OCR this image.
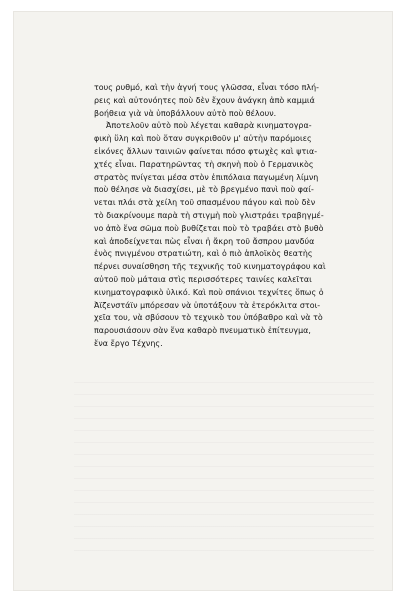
τους ρυθμό, καὶ τὴν ἁγνή τους γλῶσσα, εἶναι τόσο πλή-
ρεις καὶ αὐτονόητες ποὺ δὲν ἔχουν ἀνάγκη ἀπὸ καμμιά
βοήθεια γιὰ νὰ ὑποβάλλουν αὐτὸ ποὺ θέλουν.
Ἀποτελοῦν αὐτὸ ποὺ λέγεται καθαρὰ κινηματογρα-
φικὴ ὕλη καὶ ποὺ ὅταν συγκριθοῦν μ' αὐτὴν παρόμοιες
εἰκόνες ἄλλων ταινιῶν φαίνεται πόσο φτωχὲς καὶ ψτια-
χτές εἶναι. Παρατηρῶντας τὴ σκηνὴ ποὺ ὁ Γερμανικὸς
στρατὸς πνίγεται μέσα στὸν ἐπιπόλαια παγωμένη λίμνη
ποὺ θέλησε νὰ διασχίσει, μὲ τὸ βρεγμένο πανὶ ποὺ φαί-
νεται πλάι στὰ χείλη τοῦ σπασμένου πάγου καὶ ποὺ δὲν
τὸ διακρίνουμε παρὰ τὴ στιγμὴ ποὺ γλιστράει τραβηγμέ-
νο ἀπὸ ἕνα σῶμα ποὺ βυθίζεται ποὺ τὸ τραβάει στὸ βυθὸ
καὶ ἀποδείχνεται πὼς εἶναι ἡ ἄκρη τοῦ ἄσπρου μανδύα
ἑνὸς πνιγμένου στρατιώτη, καὶ ὁ πιὸ ἁπλοϊκὸς θεατὴς
πέρνει συναίσθηση τῆς τεχνικῆς τοῦ κινηματογράφου καὶ
αὐτοῦ ποὺ μάταια στὶς περισσότερες ταινίες καλεῖται
κινηματογραφικὸ ὑλικό. Καὶ ποὺ σπάνιοι τεχνίτες ὅπως ὁ
Ἀϊζενστάϊν μπόρεσαν νὰ ὑποτάξουν τὰ ἑτερόκλιτα στοι-
χεῖα του, νὰ σβύσουν τὸ τεχνικὸ του ὑπόβαθρο καὶ νὰ τὸ
παρουσιάσουν σὰν ἕνα καθαρὸ πνευματικὸ ἐπίτευγμα,
ἕνα ἔργο Τέχνης.
